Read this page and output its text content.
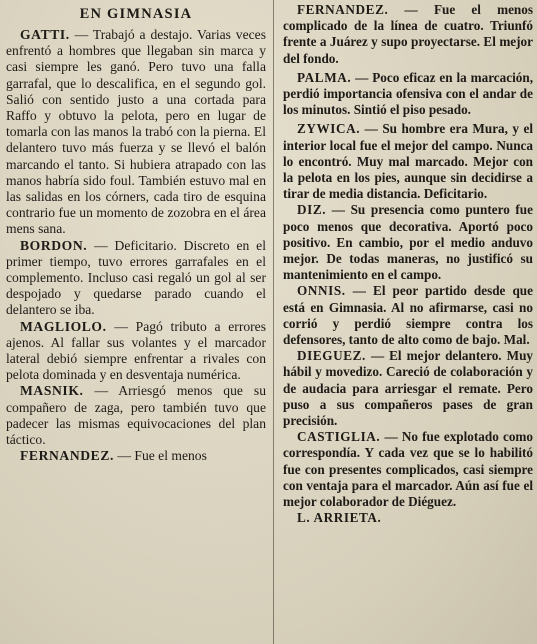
EN GIMNASIA

GATTI. — Trabajó a destajo. Varias veces enfrentó a hombres que llegaban sin marca y casi siempre les ganó. Pero tuvo una falla garrafal, que lo descalifica, en el segundo gol. Salió con sentido justo a una cortada para Raffo y obtuvo la pelota, pero en lugar de tomarla con las manos la trabó con la pierna. El delantero tuvo más fuerza y se llevó el balón marcando el tanto. Si hubiera atrapado con las manos habría sido foul. También estuvo mal en las salidas en los córners, cada tiro de esquina contrario fue un momento de zozobra en el área mens sana.

BORDON. — Deficitario. Discreto en el primer tiempo, tuvo errores garrafales en el complemento. Incluso casi regaló un gol al ser despojado y quedarse parado cuando el delantero se iba.

MAGLIOLO. — Pagó tributo a errores ajenos. Al fallar sus volantes y el marcador lateral debió siempre enfrentar a rivales con pelota dominada y en desventaja numérica.

MASNIK. — Arriesgó menos que su compañero de zaga, pero también tuvo que padecer las mismas equivocaciones del plan táctico.

FERNANDEZ. — Fue el menos

FERNANDEZ. — Fue el menos complicado de la línea de cuatro. Triunfó frente a Juárez y supo proyectarse. El mejor del fondo.

PALMA. — Poco eficaz en la marcación, perdió importancia ofensiva con el andar de los minutos. Sintió el piso pesado.

ZYWICA. — Su hombre era Mura, y el interior local fue el mejor del campo. Nunca lo encontró. Muy mal marcado. Mejor con la pelota en los pies, aunque sin decidirse a tirar de media distancia. Deficitario.

DIZ. — Su presencia como puntero fue poco menos que decorativa. Aportó poco positivo. En cambio, por el medio anduvo mejor. De todas maneras, no justificó su mantenimiento en el campo.

ONNIS. — El peor partido desde que está en Gimnasia. Al no afirmarse, casi no corrió y perdió siempre contra los defensores, tanto de alto como de bajo. Mal.

DIEGUEZ. — El mejor delantero. Muy hábil y movedizo. Careció de colaboración y de audacia para arriesgar el remate. Pero puso a sus compañeros pases de gran precisión.

CASTIGLIA. — No fue explotado como correspondía. Y cada vez que se lo habilitó fue con presentes complicados, casi siempre con ventaja para el marcador. Aún así fue el mejor colaborador de Diéguez.

L. ARRIETA.
